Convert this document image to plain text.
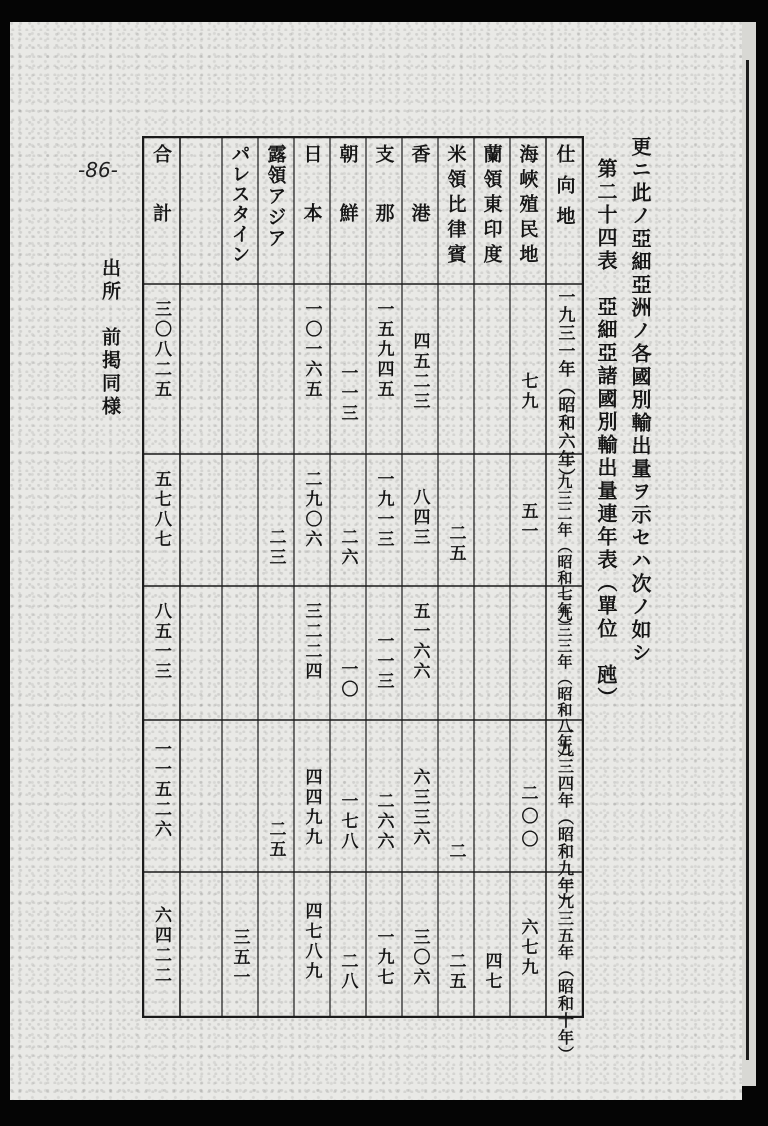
-86-	更ニ此ノ亞細亞洲ノ各國別輸出量ヲ示セハ次ノ如シ
第二十四表　亞細亞諸國別輸出量連年表（單位　瓲）
仕向地
一九三一年（昭和六年）
一九三二年（昭和七年）
一九三三年（昭和八年）
一九三四年（昭和九年）
一九三五年（昭和十年）
海峽殖民地
蘭領東印度
米領比律賓
香港
支那
朝鮮
日本
露領アジア
パレスタイン
合計
七九
四五二三
一五九四五
一一三
一〇一六五
三〇八二五
五一
二五
八四三
一九一三
二六
二九〇六
二三
五七八七
五一六六
一一三
一〇
三二二四
八五一三
二〇〇
二
六三三六
二六六
一七八
四四九九
二五
一一五二六
六七九
四七
二五
三〇六
一九七
二八
四七八九
三五一
六四二二
出所　前掲同様
